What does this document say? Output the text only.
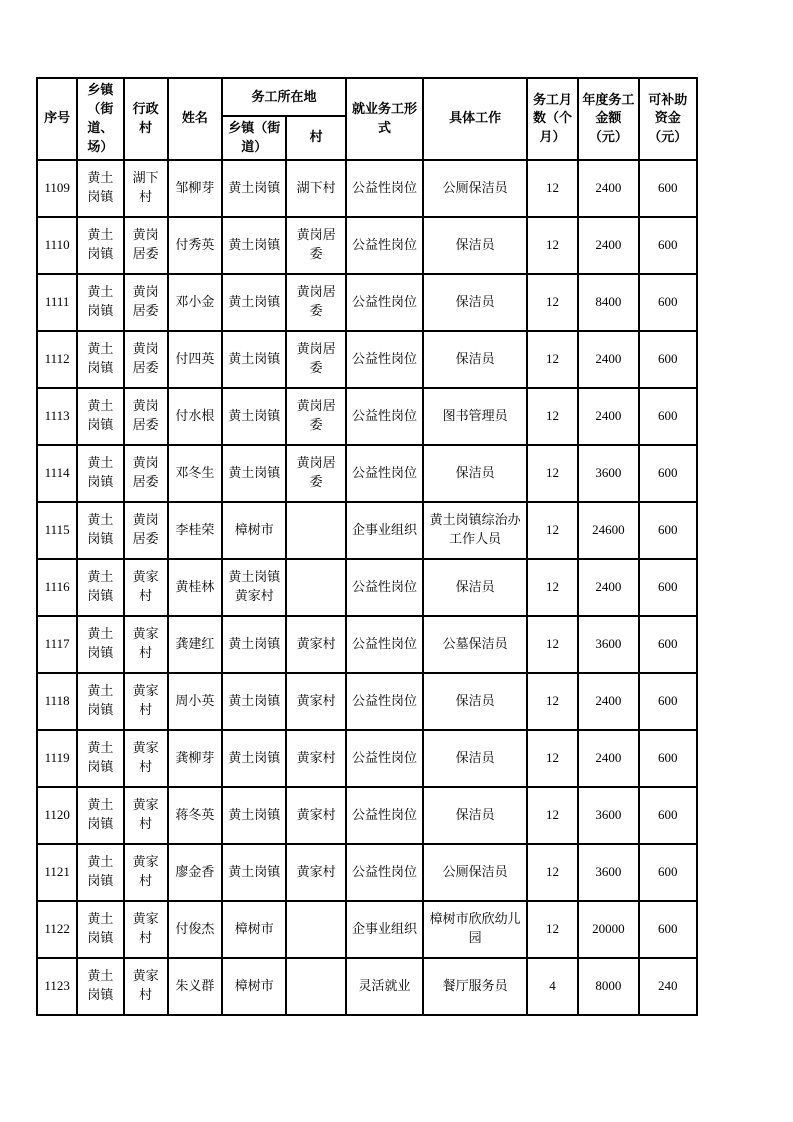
序号	乡镇（街道、场）	行政村	姓名	务工所在地		就业务工形式	具体工作	务工月数（个月）	年度务工金额（元）	可补助资金（元）
				乡镇（街道）	村					
1109	黄土岗镇	湖下村	邹柳芽	黄土岗镇	湖下村	公益性岗位	公厕保洁员	12	2400	600
1110	黄土岗镇	黄岗居委	付秀英	黄土岗镇	黄岗居委	公益性岗位	保洁员	12	2400	600
1111	黄土岗镇	黄岗居委	邓小金	黄土岗镇	黄岗居委	公益性岗位	保洁员	12	8400	600
1112	黄土岗镇	黄岗居委	付四英	黄土岗镇	黄岗居委	公益性岗位	保洁员	12	2400	600
1113	黄土岗镇	黄岗居委	付水根	黄土岗镇	黄岗居委	公益性岗位	图书管理员	12	2400	600
1114	黄土岗镇	黄岗居委	邓冬生	黄土岗镇	黄岗居委	公益性岗位	保洁员	12	3600	600
1115	黄土岗镇	黄岗居委	李桂荣	樟树市		企事业组织	黄土岗镇综治办工作人员	12	24600	600
1116	黄土岗镇	黄家村	黄桂林	黄土岗镇黄家村		公益性岗位	保洁员	12	2400	600
1117	黄土岗镇	黄家村	龚建红	黄土岗镇	黄家村	公益性岗位	公墓保洁员	12	3600	600
1118	黄土岗镇	黄家村	周小英	黄土岗镇	黄家村	公益性岗位	保洁员	12	2400	600
1119	黄土岗镇	黄家村	龚柳芽	黄土岗镇	黄家村	公益性岗位	保洁员	12	2400	600
1120	黄土岗镇	黄家村	蒋冬英	黄土岗镇	黄家村	公益性岗位	保洁员	12	3600	600
1121	黄土岗镇	黄家村	廖金香	黄土岗镇	黄家村	公益性岗位	公厕保洁员	12	3600	600
1122	黄土岗镇	黄家村	付俊杰	樟树市		企事业组织	樟树市欣欣幼儿园	12	20000	600
1123	黄土岗镇	黄家村	朱义群	樟树市		灵活就业	餐厅服务员	4	8000	240
